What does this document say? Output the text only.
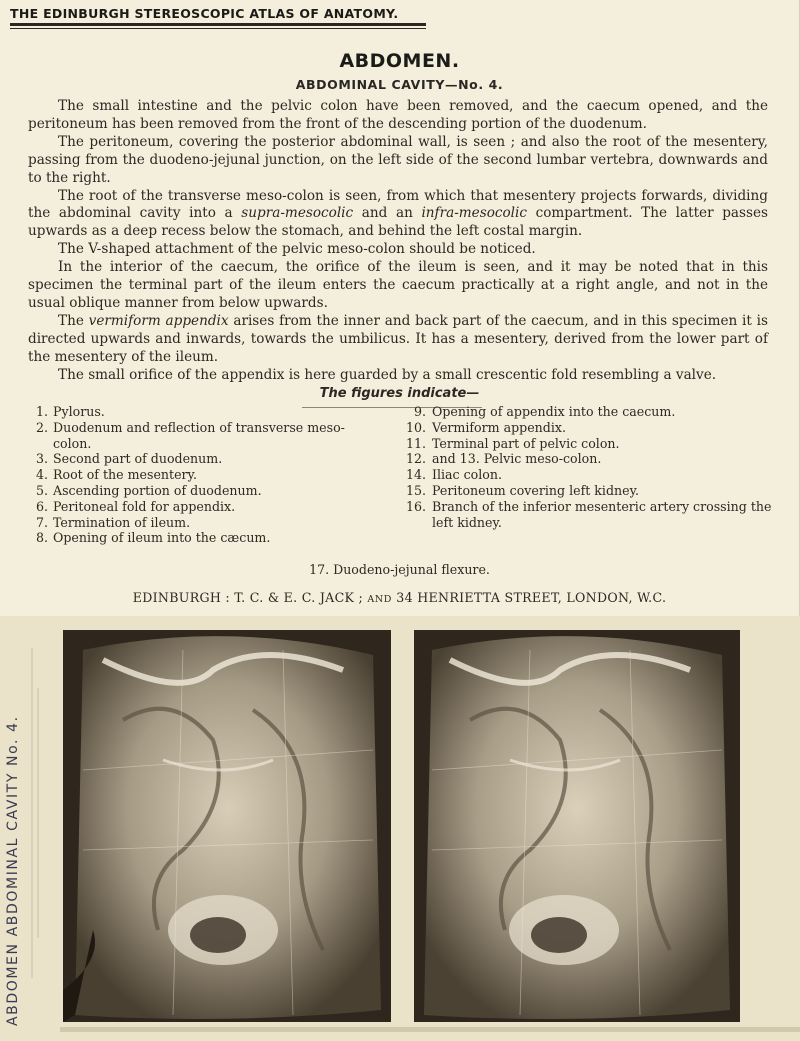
THE EDINBURGH STEREOSCOPIC ATLAS OF ANATOMY.
ABDOMEN.
ABDOMINAL CAVITY—No. 4.

The small intestine and the pelvic colon have been removed, and the caecum opened, and the peritoneum has been removed from the front of the descending portion of the duodenum.

The peritoneum, covering the posterior abdominal wall, is seen ; and also the root of the mesentery, passing from the duodeno-jejunal junction, on the left side of the second lumbar vertebra, downwards and to the right.

The root of the transverse meso-colon is seen, from which that mesentery projects forwards, dividing the abdominal cavity into a supra-mesocolic and an infra-mesocolic compartment. The latter passes upwards as a deep recess below the stomach, and behind the left costal margin.

The V-shaped attachment of the pelvic meso-colon should be noticed.

In the interior of the caecum, the orifice of the ileum is seen, and it may be noted that in this specimen the terminal part of the ileum enters the caecum practically at a right angle, and not in the usual oblique manner from below upwards.

The vermiform appendix arises from the inner and back part of the caecum, and in this specimen it is directed upwards and inwards, towards the umbilicus. It has a mesentery, derived from the lower part of the mesentery of the ileum.

The small orifice of the appendix is here guarded by a small crescentic fold resembling a valve.

The figures indicate—
1. Pylorus.
2. Duodenum and reflection of transverse meso-colon.
3. Second part of duodenum.
4. Root of the mesentery.
5. Ascending portion of duodenum.
6. Peritoneal fold for appendix.
7. Termination of ileum.
8. Opening of ileum into the cæcum.
9. Opening of appendix into the caecum.
10. Vermiform appendix.
11. Terminal part of pelvic colon.
12. and 13. Pelvic meso-colon.
14. Iliac colon.
15. Peritoneum covering left kidney.
16. Branch of the inferior mesenteric artery crossing the left kidney.
17. Duodeno-jejunal flexure.
EDINBURGH : T. C. & E. C. JACK ; AND 34 HENRIETTA STREET, LONDON, W.C.
ABDOMEN ABDOMINAL CAVITY No. 4.
